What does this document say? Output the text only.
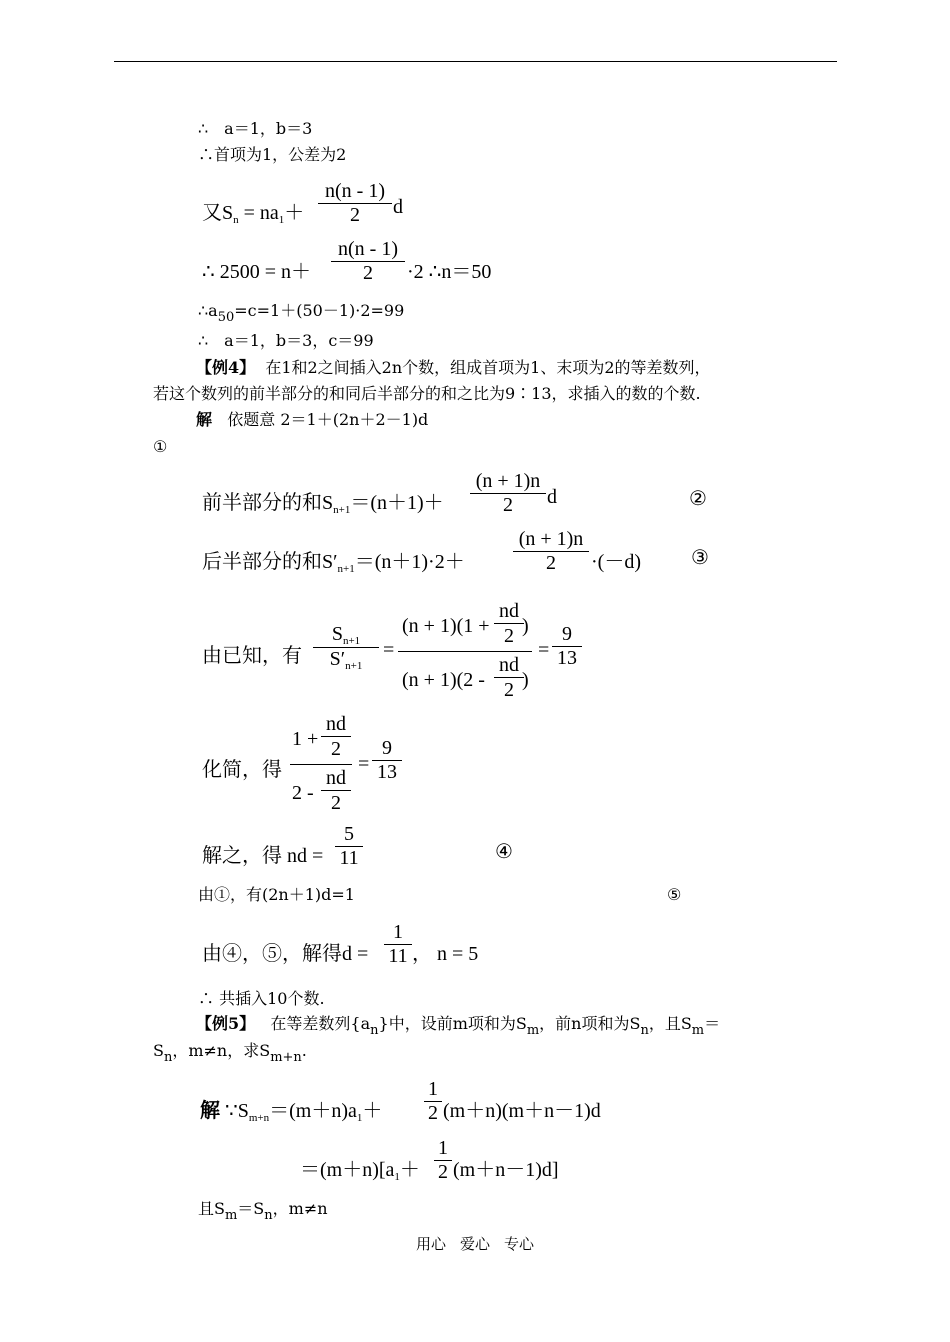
∴　a＝1，b＝3
∴首项为1，公差为2
又$S_n = na_1+$
n(n - 1)
2	d
∴ 2500 = n＋
n(n - 1)
2	·2 ∴n＝50
$\therefore a_{50}=c=1+(50-1)\cdot 2=99$
∴　a＝1，b＝3，c＝99
【例4】 在1和2之间插入2n个数，组成首项为1、末项为2的等差数列，
若这个数列的前半部分的和同后半部分的和之比为9∶13，求插入的数的个数.
解 依题意 2＝1＋(2n＋2－1)d
①
前半部分的和$S_{n+1}=(n+1)+$
(n + 1)n
2	d	②
后半部分的和$S'_{n+1}=(n+1)\cdot 2+$
(n + 1)n
2	·(－d)	③
由已知，有
$S_{n+1}$
$S'_{n+1}$
=
(n + 1)(1 +
nd
2 )
(n + 1)(2 -
nd
2 )
=
9
13
化简，得
1 +
nd
2
2 -
nd
2
=
9
13
解之，得 nd =
5
11	④
由①，有(2n＋1)d=1	⑤
由④，⑤，解得d =
1
11 ， n = 5
∴ 共插入10个数.
【例5】 在等差数列$\{a_n\}$中，设前m项和为$S_m$，前n项和为$S_n$，且$S_m=$
$S_n$，m≠n，求$S_{m+n}$.
解 $\because S_{m+n}=(m+n)a_1+$
1
2 (m＋n)(m＋n－1)d
$=(m+n)[a_1+$
1
2 (m＋n－1)d]
且$S_m=S_n$，m≠n
用心 爱心 专心
